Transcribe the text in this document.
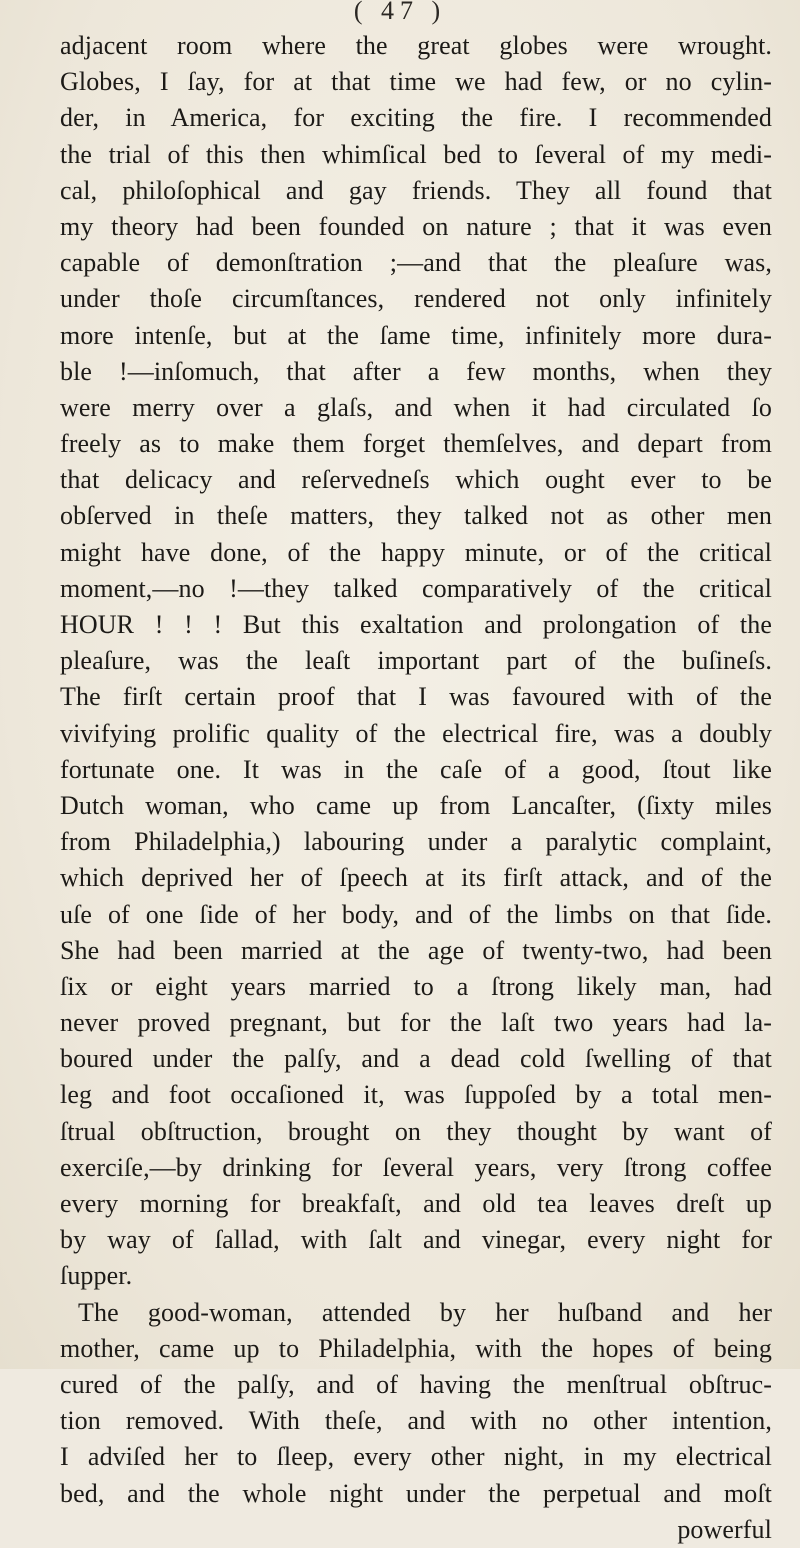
( 47 )
adjacent room where the great globes were wrought.
Globes, I ſay, for at that time we had few, or no cylin-
der, in America, for exciting the fire. I recommended
the trial of this then whimſical bed to ſeveral of my medi-
cal, philoſophical and gay friends. They all found that
my theory had been founded on nature ; that it was even
capable of demonſtration ;—and that the pleaſure was,
under thoſe circumſtances, rendered not only infinitely
more intenſe, but at the ſame time, infinitely more dura-
ble !—inſomuch, that after a few months, when they
were merry over a glaſs, and when it had circulated ſo
freely as to make them forget themſelves, and depart from
that delicacy and reſervedneſs which ought ever to be
obſerved in theſe matters, they talked not as other men
might have done, of the happy minute, or of the critical
moment,—no !—they talked comparatively of the critical
HOUR ! ! ! But this exaltation and prolongation of the
pleaſure, was the leaſt important part of the buſineſs.
The firſt certain proof that I was favoured with of the
vivifying prolific quality of the electrical fire, was a doubly
fortunate one. It was in the caſe of a good, ſtout like
Dutch woman, who came up from Lancaſter, (ſixty miles
from Philadelphia,) labouring under a paralytic complaint,
which deprived her of ſpeech at its firſt attack, and of the
uſe of one ſide of her body, and of the limbs on that ſide.
She had been married at the age of twenty-two, had been
ſix or eight years married to a ſtrong likely man, had
never proved pregnant, but for the laſt two years had la-
boured under the palſy, and a dead cold ſwelling of that
leg and foot occaſioned it, was ſuppoſed by a total men-
ſtrual obſtruction, brought on they thought by want of
exerciſe,—by drinking for ſeveral years, very ſtrong coffee
every morning for breakfaſt, and old tea leaves dreſt up
by way of ſallad, with ſalt and vinegar, every night for
ſupper.
The good-woman, attended by her huſband and her
mother, came up to Philadelphia, with the hopes of being
cured of the palſy, and of having the menſtrual obſtruc-
tion removed. With theſe, and with no other intention,
I adviſed her to ſleep, every other night, in my electrical
bed, and the whole night under the perpetual and moſt
powerful
